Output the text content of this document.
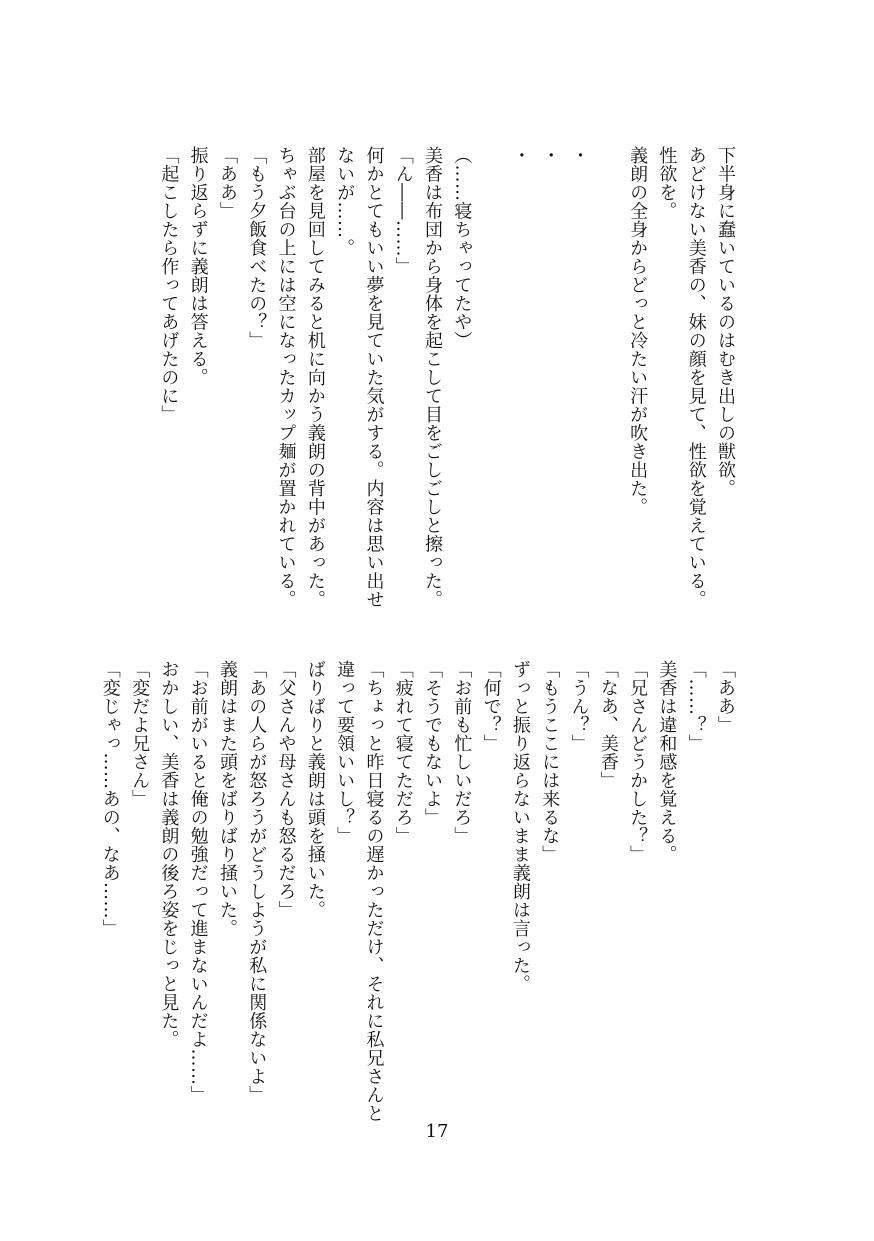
下半身に蠢いているのはむき出しの獣欲。
あどけない美香の、妹の顔を見て、性欲を覚えている。
性欲を。
義朗の全身からどっと冷たい汗が吹き出た。

・
・
・

（……寝ちゃってたや）
美香は布団から身体を起こして目をごしごしと擦った。
「ん――……」
何かとてもいい夢を見ていた気がする。内容は思い出せ
ないが……。
部屋を見回してみると机に向かう義朗の背中があった。
ちゃぶ台の上には空になったカップ麺が置かれている。
「もう夕飯食べたの？」
「ああ」
振り返らずに義朗は答える。
「起こしたら作ってあげたのに」
「ああ」
「……？」
美香は違和感を覚える。
「兄さんどうかした？」
「なあ、美香」
「うん？」
「もうここには来るな」
ずっと振り返らないまま義朗は言った。
「何で？」
「お前も忙しいだろ」
「そうでもないよ」
「疲れて寝てただろ」
「ちょっと昨日寝るの遅かっただけ、それに私兄さんと
違って要領いいし？」
ばりばりと義朗は頭を掻いた。
「父さんや母さんも怒るだろ」
「あの人らが怒ろうがどうしようが私に関係ないよ」
義朗はまた頭をばりばり掻いた。
「お前がいると俺の勉強だって進まないんだよ……」
おかしい、美香は義朗の後ろ姿をじっと見た。
「変だよ兄さん」
「変じゃっ……あの、なあ……」
17
